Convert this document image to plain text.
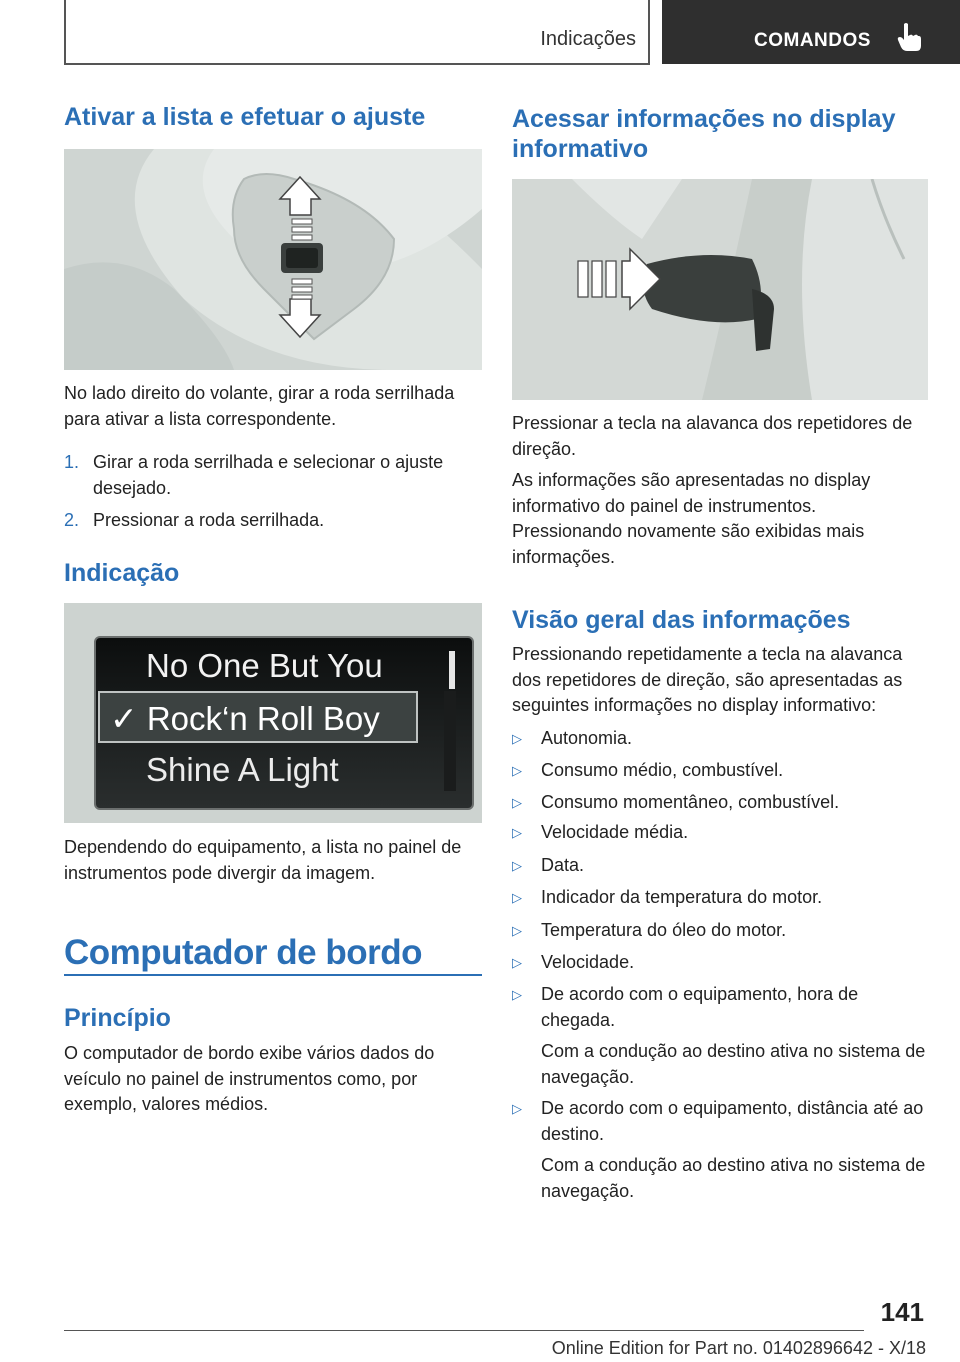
Indicações	COMANDOS
Ativar a lista e efetuar o ajuste

No lado direito do volante, girar a roda serrilhada para ativar a lista correspondente.

1. Girar a roda serrilhada e selecionar o ajuste desejado.
2. Pressionar a roda serrilhada.
Indicação
No One But You
✓ Rock‘n Roll Boy
Shine A Light

Dependendo do equipamento, a lista no painel de instrumentos pode divergir da imagem.

Computador de bordo
Princípio

O computador de bordo exibe vários dados do veículo no painel de instrumentos como, por exemplo, valores médios.

Acessar informações no display informativo

Pressionar a tecla na alavanca dos repetidores de direção.

As informações são apresentadas no display informativo do painel de instrumentos. Pressionando novamente são exibidas mais informações.

Visão geral das informações

Pressionando repetidamente a tecla na alavanca dos repetidores de direção, são apresentadas as seguintes informações no display informativo:

▷ Autonomia.
▷ Consumo médio, combustível.
▷ Consumo momentâneo, combustível.
▷ Velocidade média.
▷ Data.
▷ Indicador da temperatura do motor.
▷ Temperatura do óleo do motor.
▷ Velocidade.
▷ De acordo com o equipamento, hora de chegada.
Com a condução ao destino ativa no sistema de navegação.
▷ De acordo com o equipamento, distância até ao destino.
Com a condução ao destino ativa no sistema de navegação.
141
Online Edition for Part no. 01402896642 - X/18
